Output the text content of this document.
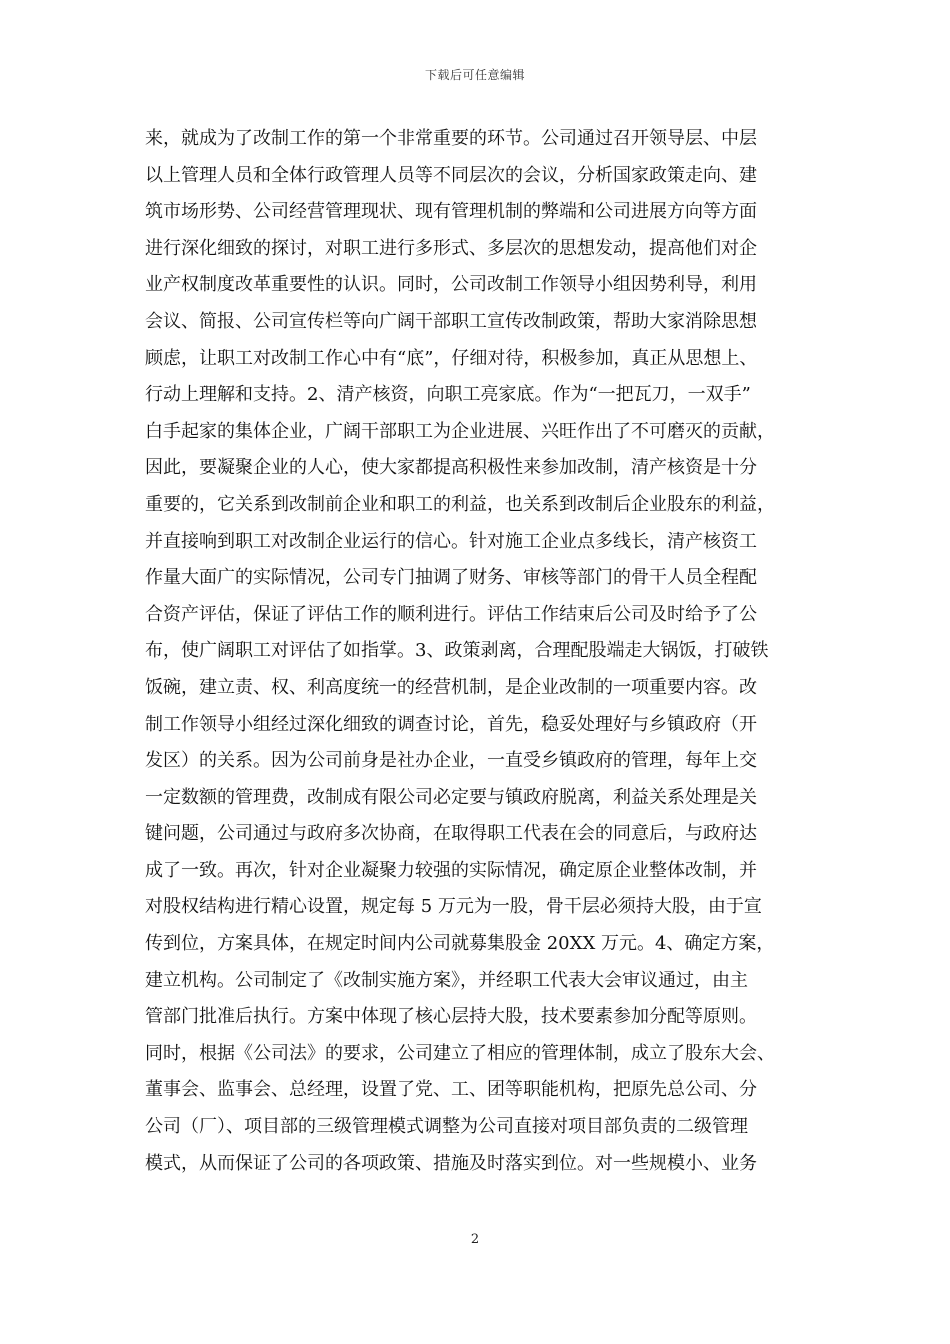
下载后可任意编辑
来，就成为了改制工作的第一个非常重要的环节。公司通过召开领导层、中层
以上管理人员和全体行政管理人员等不同层次的会议，分析国家政策走向、建
筑市场形势、公司经营管理现状、现有管理机制的弊端和公司进展方向等方面
进行深化细致的探讨，对职工进行多形式、多层次的思想发动，提高他们对企
业产权制度改革重要性的认识。同时，公司改制工作领导小组因势利导，利用
会议、简报、公司宣传栏等向广阔干部职工宣传改制政策，帮助大家消除思想
顾虑，让职工对改制工作心中有“底”，仔细对待，积极参加，真正从思想上、
行动上理解和支持。2、清产核资，向职工亮家底。作为“一把瓦刀，一双手”
白手起家的集体企业，广阔干部职工为企业进展、兴旺作出了不可磨灭的贡献，
因此，要凝聚企业的人心，使大家都提高积极性来参加改制，清产核资是十分
重要的，它关系到改制前企业和职工的利益，也关系到改制后企业股东的利益，
并直接响到职工对改制企业运行的信心。针对施工企业点多线长，清产核资工
作量大面广的实际情况，公司专门抽调了财务、审核等部门的骨干人员全程配
合资产评估，保证了评估工作的顺利进行。评估工作结束后公司及时给予了公
布，使广阔职工对评估了如指掌。3、政策剥离，合理配股端走大锅饭，打破铁
饭碗，建立责、权、利高度统一的经营机制，是企业改制的一项重要内容。改
制工作领导小组经过深化细致的调查讨论，首先，稳妥处理好与乡镇政府（开
发区）的关系。因为公司前身是社办企业，一直受乡镇政府的管理，每年上交
一定数额的管理费，改制成有限公司必定要与镇政府脱离，利益关系处理是关
键问题，公司通过与政府多次协商，在取得职工代表在会的同意后，与政府达
成了一致。再次，针对企业凝聚力较强的实际情况，确定原企业整体改制，并
对股权结构进行精心设置，规定每 5 万元为一股，骨干层必须持大股，由于宣
传到位，方案具体，在规定时间内公司就募集股金 20XX 万元。4、确定方案，
建立机构。公司制定了《改制实施方案》，并经职工代表大会审议通过，由主
管部门批准后执行。方案中体现了核心层持大股，技术要素参加分配等原则。
同时，根据《公司法》的要求，公司建立了相应的管理体制，成立了股东大会、
董事会、监事会、总经理，设置了党、工、团等职能机构，把原先总公司、分
公司（厂）、项目部的三级管理模式调整为公司直接对项目部负责的二级管理
模式，从而保证了公司的各项政策、措施及时落实到位。对一些规模小、业务
2
